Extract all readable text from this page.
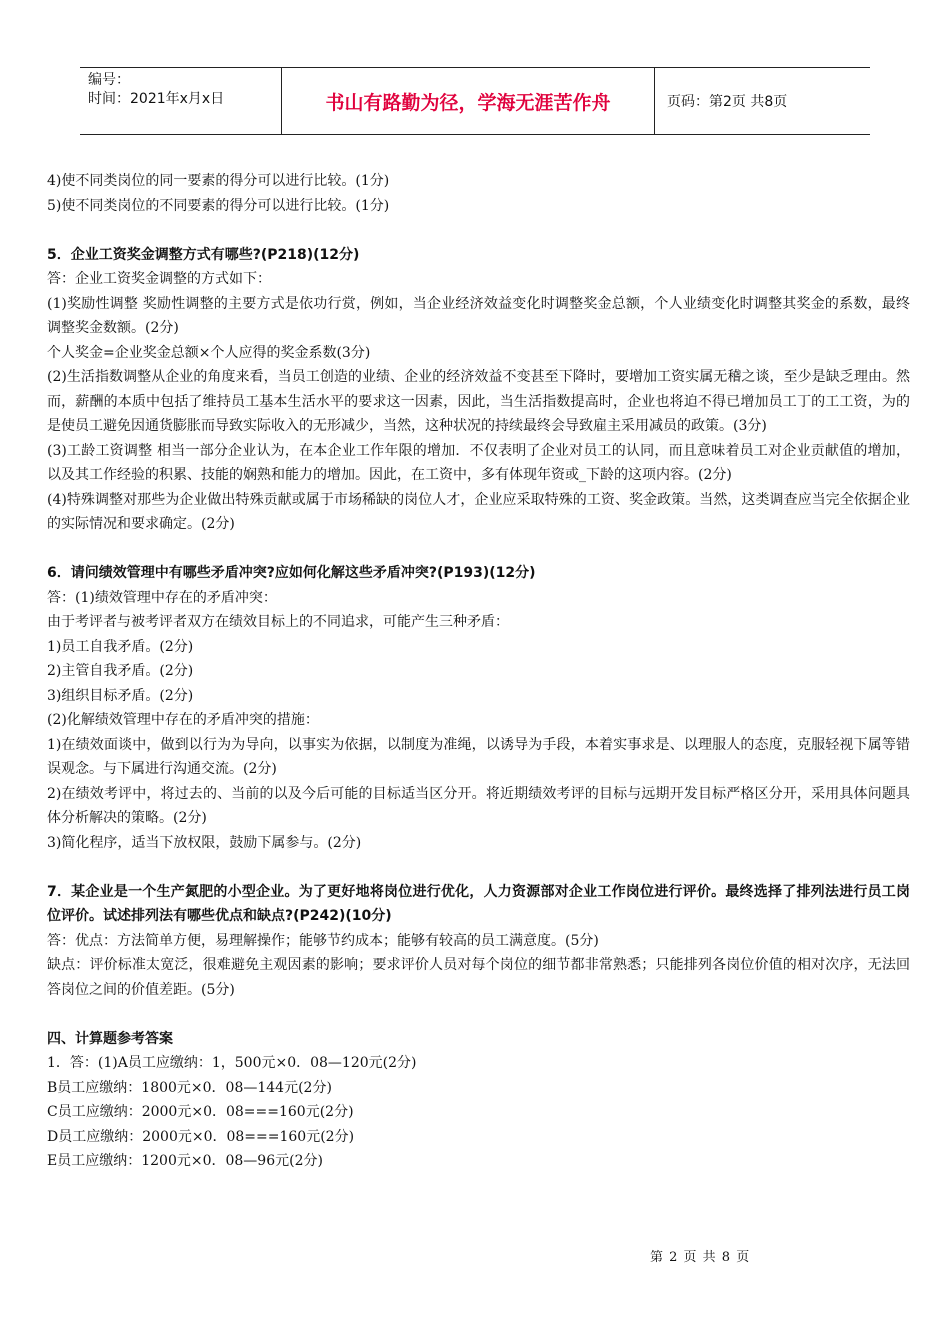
编号：
时间：2021年x月x日	书山有路勤为径，学海无涯苦作舟	页码：第2页 共8页
4)使不同类岗位的同一要素的得分可以进行比较。(1分)
5)使不同类岗位的不同要素的得分可以进行比较。(1分)
5．企业工资奖金调整方式有哪些?(P218)(12分)
答：企业工资奖金调整的方式如下：
(1)奖励性调整 奖励性调整的主要方式是依功行赏，例如，当企业经济效益变化时调整奖金总额，个人业绩变化时调整其奖金的系数，最终调整奖金数额。(2分)
个人奖金=企业奖金总额×个人应得的奖金系数(3分)
(2)生活指数调整从企业的角度来看，当员工创造的业绩、企业的经济效益不变甚至下降时，要增加工资实属无稽之谈，至少是缺乏理由。然而，薪酬的本质中包括了维持员工基本生活水平的要求这一因素，因此，当生活指数提高时，企业也将迫不得已增加员工丁的工工资，为的是使员工避免因通货膨胀而导致实际收入的无形减少，当然，这种状况的持续最终会导致雇主采用减员的政策。(3分)
(3)工龄工资调整 相当一部分企业认为，在本企业工作年限的增加．不仅表明了企业对员工的认同，而且意味着员工对企业贡献值的增加，以及其工作经验的积累、技能的娴熟和能力的增加。因此，在工资中，多有体现年资或_下龄的这项内容。(2分)
(4)特殊调整对那些为企业做出特殊贡献或属于市场稀缺的岗位人才，企业应采取特殊的工资、奖金政策。当然，这类调查应当完全依据企业的实际情况和要求确定。(2分)
6．请问绩效管理中有哪些矛盾冲突?应如何化解这些矛盾冲突?(P193)(12分)
答：(1)绩效管理中存在的矛盾冲突：
由于考评者与被考评者双方在绩效目标上的不同追求，可能产生三种矛盾：
1)员工自我矛盾。(2分)
2)主管自我矛盾。(2分)
3)组织目标矛盾。(2分)
(2)化解绩效管理中存在的矛盾冲突的措施：
1)在绩效面谈中，做到以行为为导向，以事实为依据，以制度为准绳，以诱导为手段，本着实事求是、以理服人的态度，克服轻视下属等错误观念。与下属进行沟通交流。(2分)
2)在绩效考评中，将过去的、当前的以及今后可能的目标适当区分开。将近期绩效考评的目标与远期开发目标严格区分开，采用具体问题具体分析解决的策略。(2分)
3)简化程序，适当下放权限，鼓励下属参与。(2分)
7．某企业是一个生产氮肥的小型企业。为了更好地将岗位进行优化，人力资源部对企业工作岗位进行评价。最终选择了排列法进行员工岗位评价。试述排列法有哪些优点和缺点?(P242)(10分)
答：优点：方法简单方便，易理解操作；能够节约成本；能够有较高的员工满意度。(5分)
缺点：评价标准太宽泛，很难避免主观因素的影响；要求评价人员对每个岗位的细节都非常熟悉；只能排列各岗位价值的相对次序，无法回答岗位之间的价值差距。(5分)
四、计算题参考答案
1．答：(1)A员工应缴纳：1，500元×0．08—120元(2分)
B员工应缴纳：1800元×0．08—144元(2分)
C员工应缴纳：2000元×0．08===160元(2分)
D员工应缴纳：2000元×0．08===160元(2分)
E员工应缴纳：1200元×0．08—96元(2分)
第 2 页 共 8 页
